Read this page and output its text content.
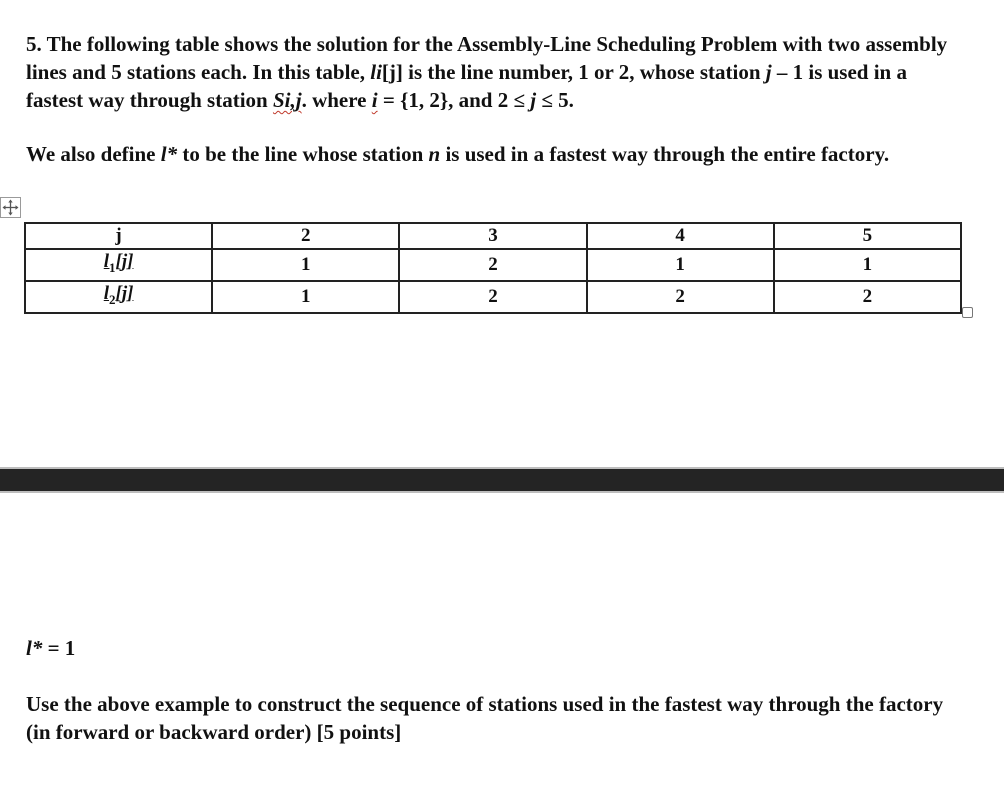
5. The following table shows the solution for the Assembly-Line Scheduling Problem with two assembly lines and 5 stations each. In this table, li[j] is the line number, 1 or 2, whose station j – 1 is used in a fastest way through station Si,j. where i = {1, 2}, and 2 ≤ j ≤ 5.

We also define l* to be the line whose station n is used in a fastest way through the entire factory.

j	2	3	4	5
$l_1[j]$	1	2	1	1
$l_2[j]$	1	2	2	2
l* = 1

Use the above example to construct the sequence of stations used in the fastest way through the factory (in forward or backward order) [5 points]
